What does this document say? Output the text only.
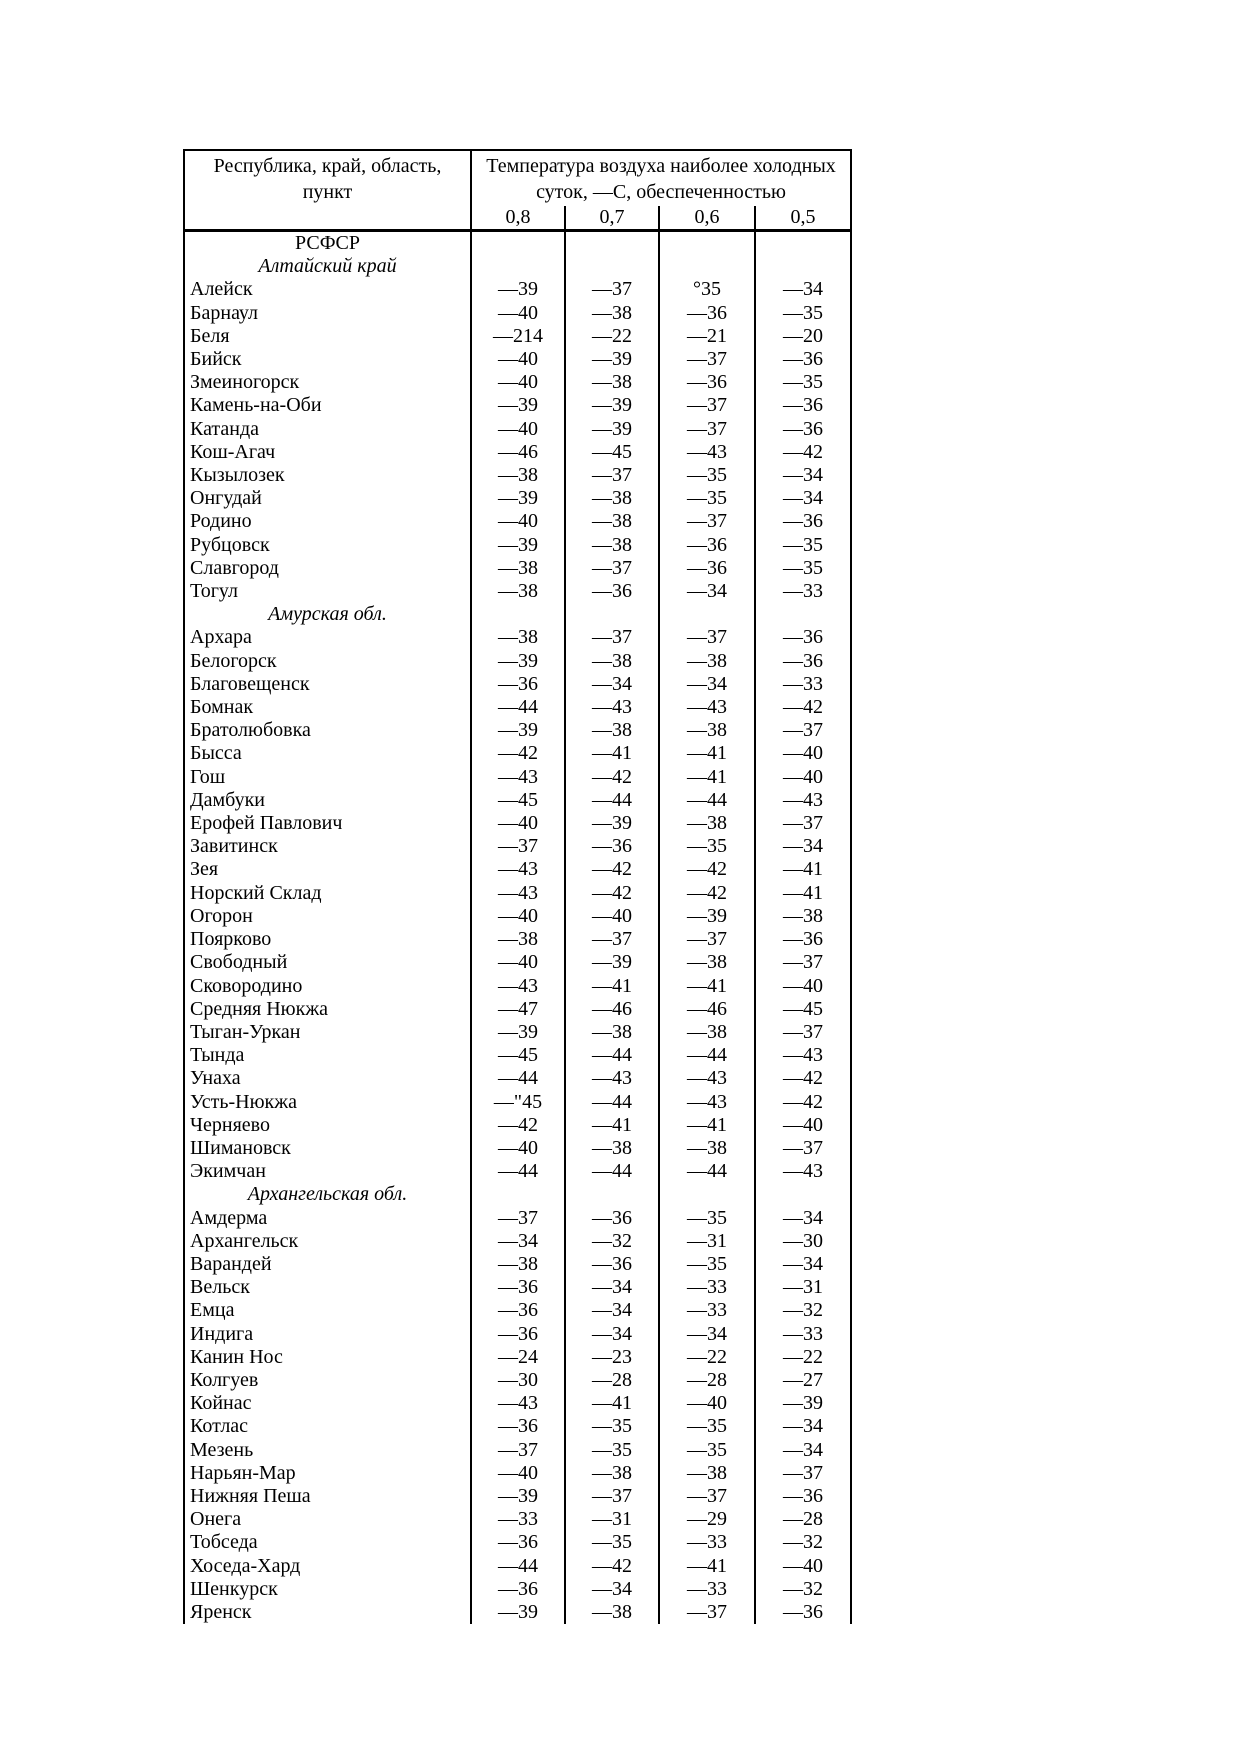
Республика, край, область,
пункт

Температура воздуха наиболее холодных
суток, —С, обеспеченностью

	0,8	0,7	0,6	0,5
РСФСР				
Алтайский край				
Алейск	—39	—37	°35	—34
Барнаул	—40	—38	—36	—35
Беля	—214	—22	—21	—20
Бийск	—40	—39	—37	—36
Змеиногорск	—40	—38	—36	—35
Камень-на-Оби	—39	—39	—37	—36
Катанда	—40	—39	—37	—36
Кош-Агач	—46	—45	—43	—42
Кызылозек	—38	—37	—35	—34
Онгудай	—39	—38	—35	—34
Родино	—40	—38	—37	—36
Рубцовск	—39	—38	—36	—35
Славгород	—38	—37	—36	—35
Тогул	—38	—36	—34	—33
Амурская обл.				
Архара	—38	—37	—37	—36
Белогорск	—39	—38	—38	—36
Благовещенск	—36	—34	—34	—33
Бомнак	—44	—43	—43	—42
Братолюбовка	—39	—38	—38	—37
Бысса	—42	—41	—41	—40
Гош	—43	—42	—41	—40
Дамбуки	—45	—44	—44	—43
Ерофей Павлович	—40	—39	—38	—37
Завитинск	—37	—36	—35	—34
Зея	—43	—42	—42	—41
Норский Склад	—43	—42	—42	—41
Огорон	—40	—40	—39	—38
Поярково	—38	—37	—37	—36
Свободный	—40	—39	—38	—37
Сковородино	—43	—41	—41	—40
Средняя Нюкжа	—47	—46	—46	—45
Тыган-Уркан	—39	—38	—38	—37
Тында	—45	—44	—44	—43
Унаха	—44	—43	—43	—42
Усть-Нюкжа	—"45	—44	—43	—42
Черняево	—42	—41	—41	—40
Шимановск	—40	—38	—38	—37
Экимчан	—44	—44	—44	—43
Архангельская обл.				
Амдерма	—37	—36	—35	—34
Архангельск	—34	—32	—31	—30
Варандей	—38	—36	—35	—34
Вельск	—36	—34	—33	—31
Емца	—36	—34	—33	—32
Индига	—36	—34	—34	—33
Канин Нос	—24	—23	—22	—22
Колгуев	—30	—28	—28	—27
Койнас	—43	—41	—40	—39
Котлас	—36	—35	—35	—34
Мезень	—37	—35	—35	—34
Нарьян-Мар	—40	—38	—38	—37
Нижняя Пеша	—39	—37	—37	—36
Онега	—33	—31	—29	—28
Тобседа	—36	—35	—33	—32
Хоседа-Хард	—44	—42	—41	—40
Шенкурск	—36	—34	—33	—32
Яренск	—39	—38	—37	—36
